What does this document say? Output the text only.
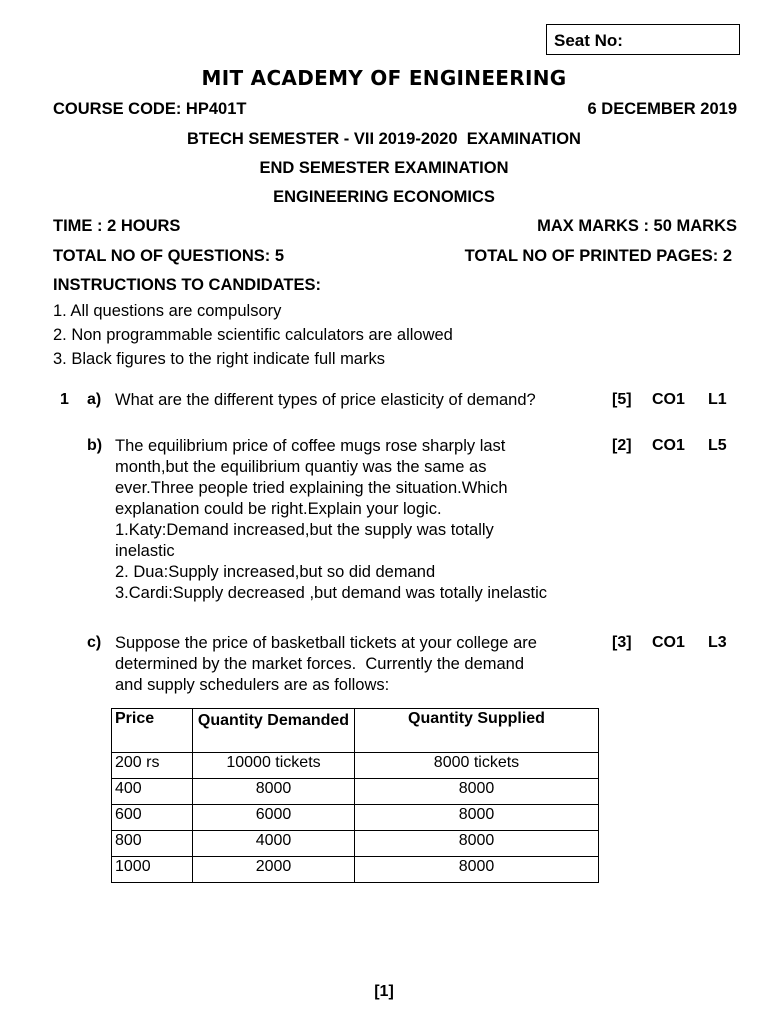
Seat No:
MIT ACADEMY OF ENGINEERING
COURSE CODE: HP401T	6 DECEMBER 2019
BTECH SEMESTER - VII 2019-2020  EXAMINATION
END SEMESTER EXAMINATION
ENGINEERING ECONOMICS
TIME : 2 HOURS	MAX MARKS : 50 MARKS
TOTAL NO OF QUESTIONS: 5	TOTAL NO OF PRINTED PAGES: 2
INSTRUCTIONS TO CANDIDATES:
1. All questions are compulsory
2. Non programmable scientific calculators are allowed
3. Black figures to the right indicate full marks
1 a) What are the different types of price elasticity of demand?	[5] CO1 L1
b) The equilibrium price of coffee mugs rose sharply last
month,but the equilibrium quantiy was the same as
ever.Three people tried explaining the situation.Which
explanation could be right.Explain your logic.
1.Katy:Demand increased,but the supply was totally
inelastic
2. Dua:Supply increased,but so did demand
3.Cardi:Supply decreased ,but demand was totally inelastic
[2] CO1 L5
c) Suppose the price of basketball tickets at your college are
determined by the market forces.  Currently the demand
and supply schedulers are as follows:
[3] CO1 L3
Price	Quantity Demanded	Quantity Supplied
200 rs	10000 tickets	8000 tickets
400	8000	8000
600	6000	8000
800	4000	8000
1000	2000	8000
[1]
